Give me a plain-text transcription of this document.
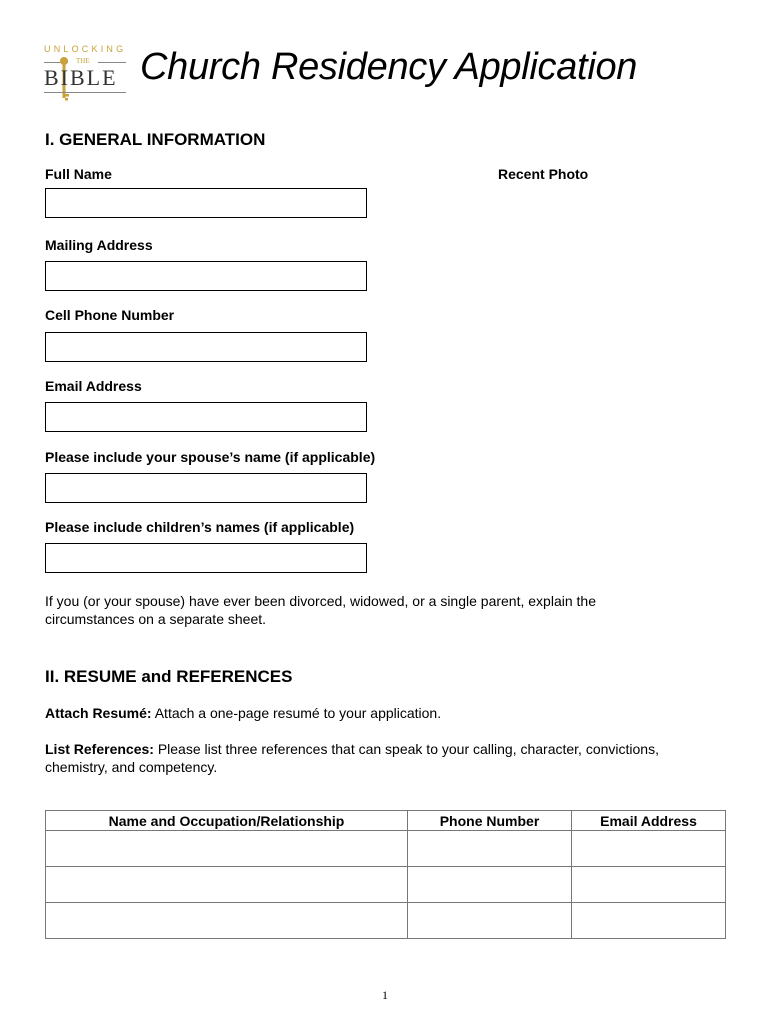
UNLOCKING
THE
BIBLE Church Residency Application
I. GENERAL INFORMATION
Full Name	Recent Photo
Mailing Address
Cell Phone Number
Email Address
Please include your spouse’s name (if applicable)
Please include children’s names (if applicable)
If you (or your spouse) have ever been divorced, widowed, or a single parent, explain the circumstances on a separate sheet.
II. RESUME and REFERENCES
Attach Resumé: Attach a one-page resumé to your application.
List References: Please list three references that can speak to your calling, character, convictions, chemistry, and competency.
Name and Occupation/Relationship	Phone Number	Email Address

1
